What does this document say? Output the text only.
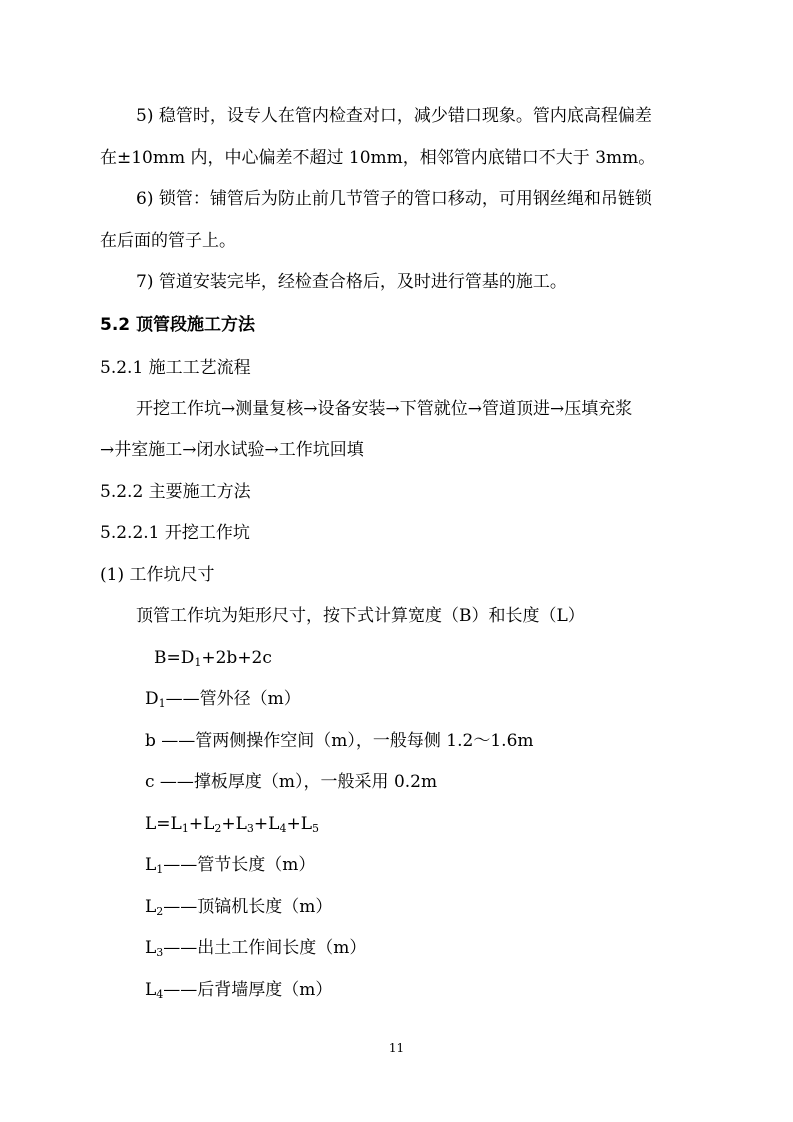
5) 稳管时，设专人在管内检查对口，减少错口现象。管内底高程偏差
在±10mm 内，中心偏差不超过 10mm，相邻管内底错口不大于 3mm。
6) 锁管：铺管后为防止前几节管子的管口移动，可用钢丝绳和吊链锁
在后面的管子上。
7) 管道安装完毕，经检查合格后，及时进行管基的施工。
5.2 顶管段施工方法
5.2.1 施工工艺流程
开挖工作坑→测量复核→设备安装→下管就位→管道顶进→压填充浆
→井室施工→闭水试验→工作坑回填
5.2.2 主要施工方法
5.2.2.1 开挖工作坑
(1) 工作坑尺寸
顶管工作坑为矩形尺寸，按下式计算宽度（B）和长度（L）
$B=D_1+2b+2c$
$D_1——$管外径（m）
b ——管两侧操作空间（m），一般每侧 1.2～1.6m
c ——撑板厚度（m），一般采用 0.2m
$L=L_1+L_2+L_3+L_4+L_5$
$L_1——$管节长度（m）
$L_2——$顶镐机长度（m）
$L_3——$出土工作间长度（m）
$L_4——$后背墙厚度（m）
11
